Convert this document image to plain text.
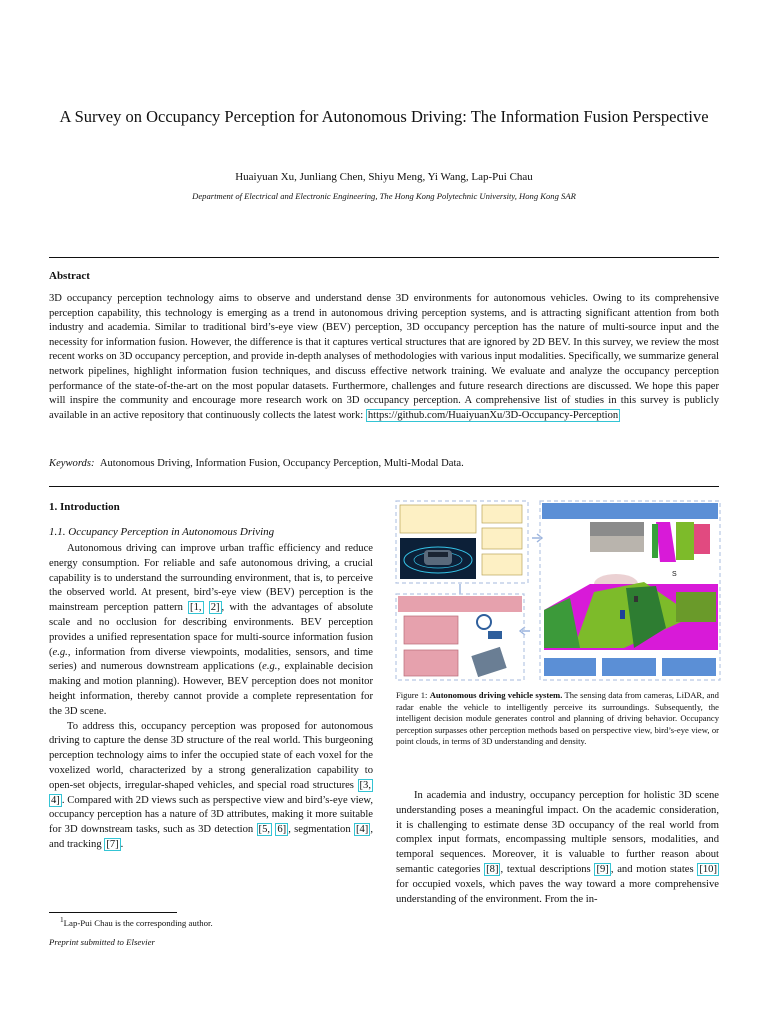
A Survey on Occupancy Perception for Autonomous Driving: The Information Fusion Perspective
Huaiyuan Xu, Junliang Chen, Shiyu Meng, Yi Wang, Lap-Pui Chau
Department of Electrical and Electronic Engineering, The Hong Kong Polytechnic University, Hong Kong SAR
Abstract
3D occupancy perception technology aims to observe and understand dense 3D environments for autonomous vehicles. Owing to its comprehensive perception capability, this technology is emerging as a trend in autonomous driving perception systems, and is attracting significant attention from both industry and academia. Similar to traditional bird’s-eye view (BEV) perception, 3D occupancy perception has the nature of multi-source input and the necessity for information fusion. However, the difference is that it captures vertical structures that are ignored by 2D BEV. In this survey, we review the most recent works on 3D occupancy perception, and provide in-depth analyses of methodologies with various input modalities. Specifically, we summarize general network pipelines, highlight information fusion techniques, and discuss effective network training. We evaluate and analyze the occupancy perception performance of the state-of-the-art on the most popular datasets. Furthermore, challenges and future research directions are discussed. We hope this paper will inspire the community and encourage more research work on 3D occupancy perception. A comprehensive list of studies in this survey is publicly available in an active repository that continuously collects the latest work: https://github.com/HuaiyuanXu/3D-Occupancy-Perception
Keywords: Autonomous Driving, Information Fusion, Occupancy Perception, Multi-Modal Data.
1. Introduction
1.1. Occupancy Perception in Autonomous Driving

Autonomous driving can improve urban traffic efficiency and reduce energy consumption. For reliable and safe autonomous driving, a crucial capability is to understand the surrounding environment, that is, to perceive the observed world. At present, bird’s-eye view (BEV) perception is the mainstream perception pattern [1, 2] , with the advantages of absolute scale and no occlusion for describing environments. BEV perception provides a unified representation space for multi-source information fusion (e.g., information from diverse viewpoints, modalities, sensors, and time series) and numerous downstream applications (e.g., explainable decision making and motion planning). However, BEV perception does not monitor height information, thereby cannot provide a complete representation for the 3D scene.

To address this, occupancy perception was proposed for autonomous driving to capture the dense 3D structure of the real world. This burgeoning perception technology aims to infer the occupied state of each voxel for the voxelized world, characterized by a strong generalization capability to open-set objects, irregular-shaped vehicles, and special road structures [3, 4] . Compared with 2D views such as perspective view and bird’s-eye view, occupancy perception has a nature of 3D attributes, making it more suitable for 3D downstream tasks, such as 3D detection [5, 6] , segmentation [4] , and tracking [7] .

S
Figure 1: Autonomous driving vehicle system. The sensing data from cameras, LiDAR, and radar enable the vehicle to intelligently perceive its surroundings. Subsequently, the intelligent decision module generates control and planning of driving behavior. Occupancy perception surpasses other perception methods based on perspective view, bird’s-eye view, or point clouds, in terms of 3D understanding and density.

In academia and industry, occupancy perception for holistic 3D scene understanding poses a meaningful impact. On the academic consideration, it is challenging to estimate dense 3D occupancy of the real world from complex input formats, encompassing multiple sensors, modalities, and temporal sequences. Moreover, it is valuable to further reason about semantic categories [8] , textual descriptions [9] , and motion states [10] for occupied voxels, which paves the way toward a more comprehensive understanding of the environment. From the in-

$^1$Lap-Pui Chau is the corresponding author.
Preprint submitted to Elsevier
